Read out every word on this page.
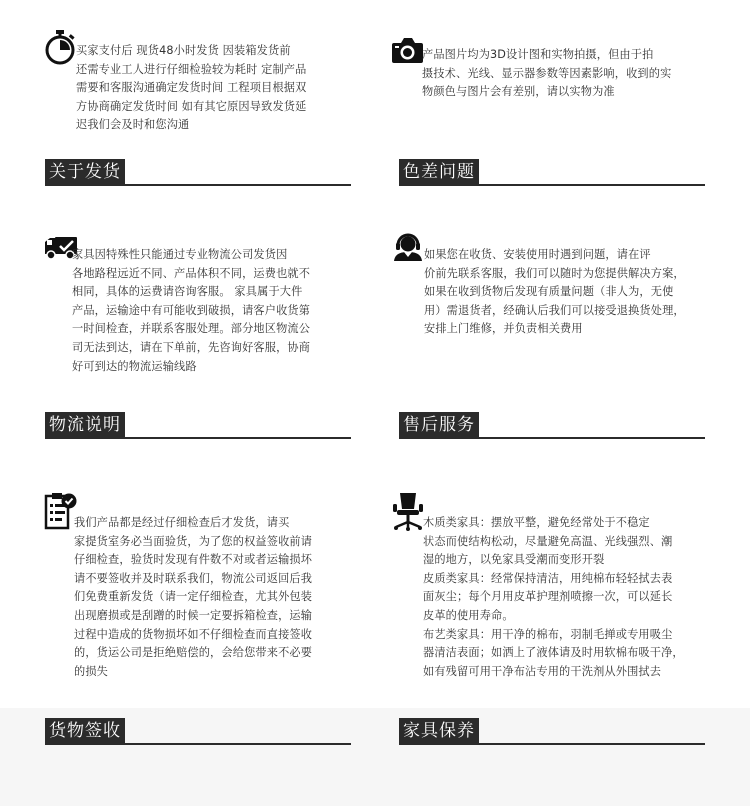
买家支付后 现货48小时发货 因装箱发货前
还需专业工人进行仔细检验较为耗时 定制产品
需要和客服沟通确定发货时间 工程项目根据双
方协商确定发货时间 如有其它原因导致发货延
迟我们会及时和您沟通

关于发货

产品图片均为3D设计图和实物拍摄，但由于拍
摄技术、光线、显示器参数等因素影响，收到的实
物颜色与图片会有差别，请以实物为准

色差问题

家具因特殊性只能通过专业物流公司发货因
各地路程远近不同、产品体积不同，运费也就不
相同，具体的运费请咨询客服。 家具属于大件
产品，运输途中有可能收到破损，请客户收货第
一时间检查，并联系客服处理。部分地区物流公
司无法到达，请在下单前，先咨询好客服，协商
好可到达的物流运输线路

物流说明

如果您在收货、安装使用时遇到问题，请在评
价前先联系客服，我们可以随时为您提供解决方案，
如果在收到货物后发现有质量问题（非人为，无使
用）需退货者，经确认后我们可以接受退换货处理，
安排上门维修，并负责相关费用

售后服务

我们产品都是经过仔细检查后才发货，请买
家提货室务必当面验货，为了您的权益签收前请
仔细检查，验货时发现有件数不对或者运输损坏
请不要签收并及时联系我们，物流公司返回后我
们免费重新发货（请一定仔细检查，尤其外包装
出现磨损或是刮蹭的时候一定要拆箱检查，运输
过程中造成的货物损坏如不仔细检查而直接签收
的，货运公司是拒绝赔偿的，会给您带来不必要
的损失

货物签收

木质类家具：摆放平整，避免经常处于不稳定
状态而使结构松动，尽量避免高温、光线强烈、潮
湿的地方，以免家具受潮而变形开裂
皮质类家具：经常保持清洁，用纯棉布轻轻拭去表
面灰尘；每个月用皮革护理剂喷擦一次，可以延长
皮革的使用寿命。
布艺类家具：用干净的棉布，羽制毛掸或专用吸尘
器清洁表面；如洒上了液体请及时用软棉布吸干净，
如有残留可用干净布沾专用的干洗剂从外围拭去

家具保养
